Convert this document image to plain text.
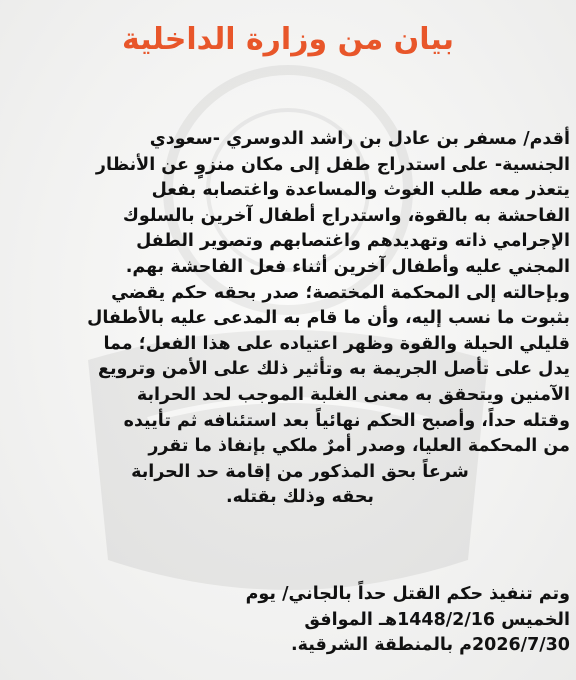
بيان من وزارة الداخلية
أقدم/ مسفر بن عادل بن راشد الدوسري -سعودي
الجنسية- على استدراج طفل إلى مكان منزوٍ عن الأنظار
يتعذر معه طلب الغوث والمساعدة واغتصابه بفعل
الفاحشة به بالقوة، واستدراج أطفال آخرين بالسلوك
الإجرامي ذاته وتهديدهم واغتصابهم وتصوير الطفل
المجني عليه وأطفال آخرين أثناء فعل الفاحشة بهم.
وبإحالته إلى المحكمة المختصة؛ صدر بحقه حكم يقضي
بثبوت ما نسب إليه، وأن ما قام به المدعى عليه بالأطفال
قليلي الحيلة والقوة وظهر اعتياده على هذا الفعل؛ مما
يدل على تأصل الجريمة به وتأثير ذلك على الأمن وترويع
الآمنين ويتحقق به معنى الغلبة الموجب لحد الحرابة
وقتله حداً، وأصبح الحكم نهائياً بعد استئنافه ثم تأييده
من المحكمة العليا، وصدر أمرٌ ملكي بإنفاذ ما تقرر
شرعاً بحق المذكور من إقامة حد الحرابة
بحقه وذلك بقتله.
وتم تنفيذ حكم القتل حداً بالجاني/ يوم
الخميس 1448/2/16هـ الموافق
2026/7/30م بالمنطقة الشرقية.
